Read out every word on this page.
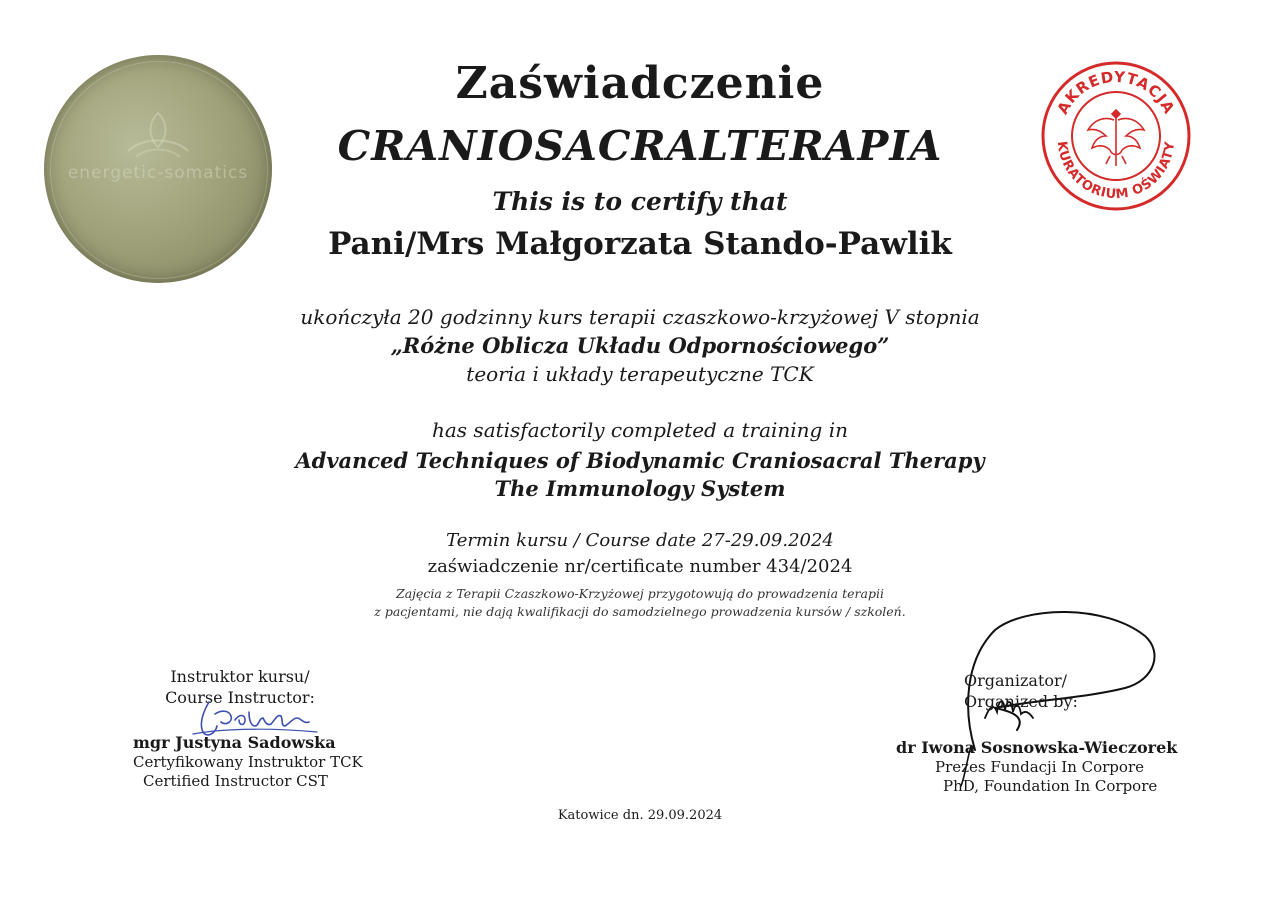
energetic-somatics
AKREDYTACJA
KURATORIUM OŚWIATY
Zaświadczenie
CRANIOSACRALTERAPIA
This is to certify that
Pani/Mrs Małgorzata Stando-Pawlik
ukończyła 20 godzinny kurs terapii czaszkowo-krzyżowej V stopnia
„Różne Oblicza Układu Odpornościowego”
teoria i układy terapeutyczne TCK
has satisfactorily completed a training in
Advanced Techniques of Biodynamic Craniosacral Therapy
The Immunology System
Termin kursu / Course date 27-29.09.2024
zaświadczenie nr/certificate number 434/2024
Zajęcia z Terapii Czaszkowo-Krzyżowej przygotowują do prowadzenia terapii
z pacjentami, nie dają kwalifikacji do samodzielnego prowadzenia kursów / szkoleń.
Instruktor kursu/
Course Instructor:
mgr Justyna Sadowska
Certyfikowany Instruktor TCK
Certified Instructor CST
Organizator/
Organized by:
dr Iwona Sosnowska-Wieczorek
Prezes Fundacji In Corpore
PhD, Foundation In Corpore
Katowice dn. 29.09.2024
